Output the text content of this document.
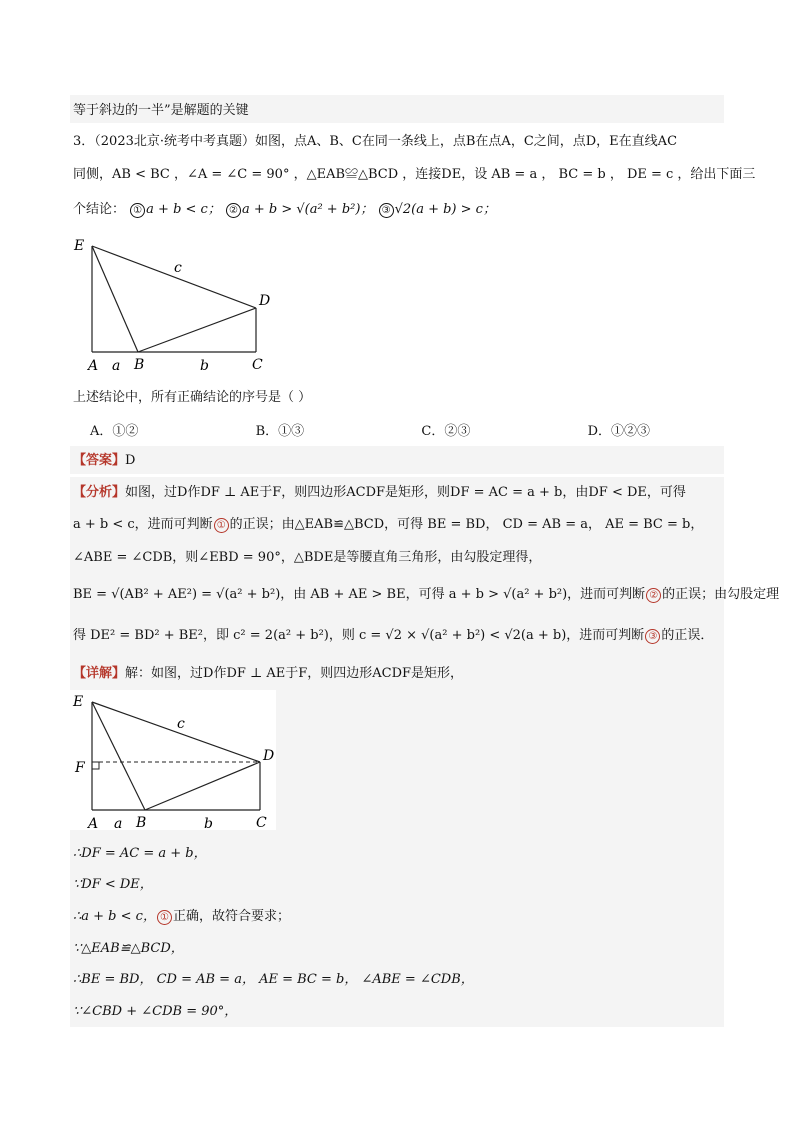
等于斜边的一半”是解题的关键
3．（2023北京·统考中考真题）如图，点A、B、C在同一条线上，点B在点A，C之间，点D，E在直线AC
同侧，AB < BC ，∠A = ∠C = 90° ，△EAB≌△BCD ，连接DE，设 AB = a ， BC = b ， DE = c ，给出下面三
个结论： ① a + b < c； ② a + b > √(a² + b²)； ③ √2(a + b) > c；
E
c
D
A a B	b	C
上述结论中，所有正确结论的序号是（ ）
A．①②	B．①③	C．②③	D．①②③
【答案】D
【分析】如图，过D作DF ⊥ AE于F，则四边形ACDF是矩形，则DF = AC = a + b，由DF < DE，可得
a + b < c，进而可判断 ① 的正误；由△EAB≌△BCD，可得 BE = BD， CD = AB = a， AE = BC = b，
∠ABE = ∠CDB，则∠EBD = 90°，△BDE是等腰直角三角形，由勾股定理得，
BE = √(AB² + AE²) = √(a² + b²)，由 AB + AE > BE，可得 a + b > √(a² + b²)，进而可判断 ② 的正误；由勾股定理
得 DE² = BD² + BE²，即 c² = 2(a² + b²)，则 c = √2 × √(a² + b²) < √2(a + b)，进而可判断 ③ 的正误．
【详解】解：如图，过D作DF ⊥ AE于F，则四边形ACDF是矩形，
E
c
D
F
A a B	b	C
∴DF = AC = a + b，
∵DF < DE，
∴a + b < c， ① 正确，故符合要求；
∵△EAB≌△BCD，
∴BE = BD， CD = AB = a， AE = BC = b， ∠ABE = ∠CDB，
∵∠CBD + ∠CDB = 90°，
